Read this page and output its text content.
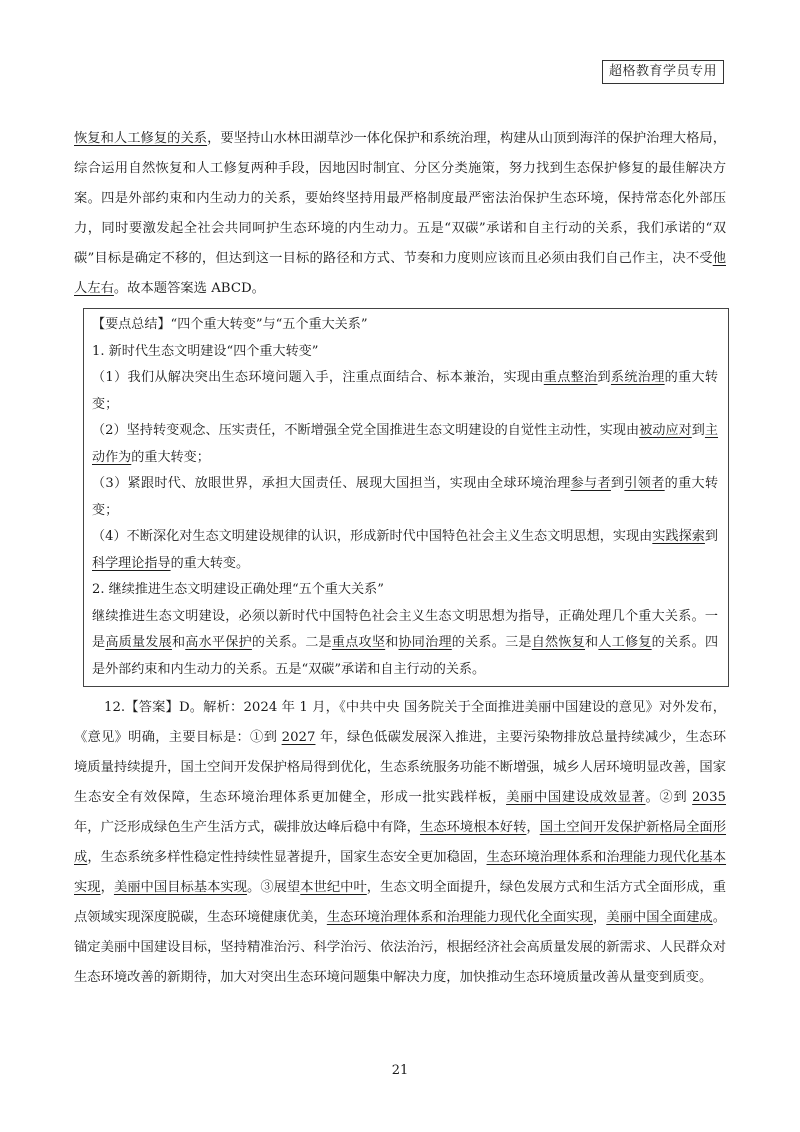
超格教育学员专用

恢复和人工修复的关系，要坚持山水林田湖草沙一体化保护和系统治理，构建从山顶到海洋的保护治理大格局，综合运用自然恢复和人工修复两种手段，因地因时制宜、分区分类施策，努力找到生态保护修复的最佳解决方案。四是外部约束和内生动力的关系，要始终坚持用最严格制度最严密法治保护生态环境，保持常态化外部压力，同时要激发起全社会共同呵护生态环境的内生动力。五是“双碳”承诺和自主行动的关系，我们承诺的“双碳”目标是确定不移的，但达到这一目标的路径和方式、节奏和力度则应该而且必须由我们自己作主，决不受他人左右。故本题答案选 ABCD。

【要点总结】“四个重大转变”与“五个重大关系”
1. 新时代生态文明建设“四个重大转变”
（1）我们从解决突出生态环境问题入手，注重点面结合、标本兼治，实现由重点整治到系统治理的重大转变；
（2）坚持转变观念、压实责任，不断增强全党全国推进生态文明建设的自觉性主动性，实现由被动应对到主动作为的重大转变；
（3）紧跟时代、放眼世界，承担大国责任、展现大国担当，实现由全球环境治理参与者到引领者的重大转变；
（4）不断深化对生态文明建设规律的认识，形成新时代中国特色社会主义生态文明思想，实现由实践探索到科学理论指导的重大转变。
2. 继续推进生态文明建设正确处理“五个重大关系”
继续推进生态文明建设，必须以新时代中国特色社会主义生态文明思想为指导，正确处理几个重大关系。一是高质量发展和高水平保护的关系。二是重点攻坚和协同治理的关系。三是自然恢复和人工修复的关系。四是外部约束和内生动力的关系。五是“双碳”承诺和自主行动的关系。

12.【答案】D。解析：2024 年 1 月，《中共中央 国务院关于全面推进美丽中国建设的意见》对外发布，《意见》明确，主要目标是：①到 2027 年，绿色低碳发展深入推进，主要污染物排放总量持续减少，生态环境质量持续提升，国土空间开发保护格局得到优化，生态系统服务功能不断增强，城乡人居环境明显改善，国家生态安全有效保障，生态环境治理体系更加健全，形成一批实践样板，美丽中国建设成效显著。②到 2035 年，广泛形成绿色生产生活方式，碳排放达峰后稳中有降，生态环境根本好转，国土空间开发保护新格局全面形成，生态系统多样性稳定性持续性显著提升，国家生态安全更加稳固，生态环境治理体系和治理能力现代化基本实现，美丽中国目标基本实现。③展望本世纪中叶，生态文明全面提升，绿色发展方式和生活方式全面形成，重点领域实现深度脱碳，生态环境健康优美，生态环境治理体系和治理能力现代化全面实现，美丽中国全面建成。锚定美丽中国建设目标，坚持精准治污、科学治污、依法治污，根据经济社会高质量发展的新需求、人民群众对生态环境改善的新期待，加大对突出生态环境问题集中解决力度，加快推动生态环境质量改善从量变到质变。

21
